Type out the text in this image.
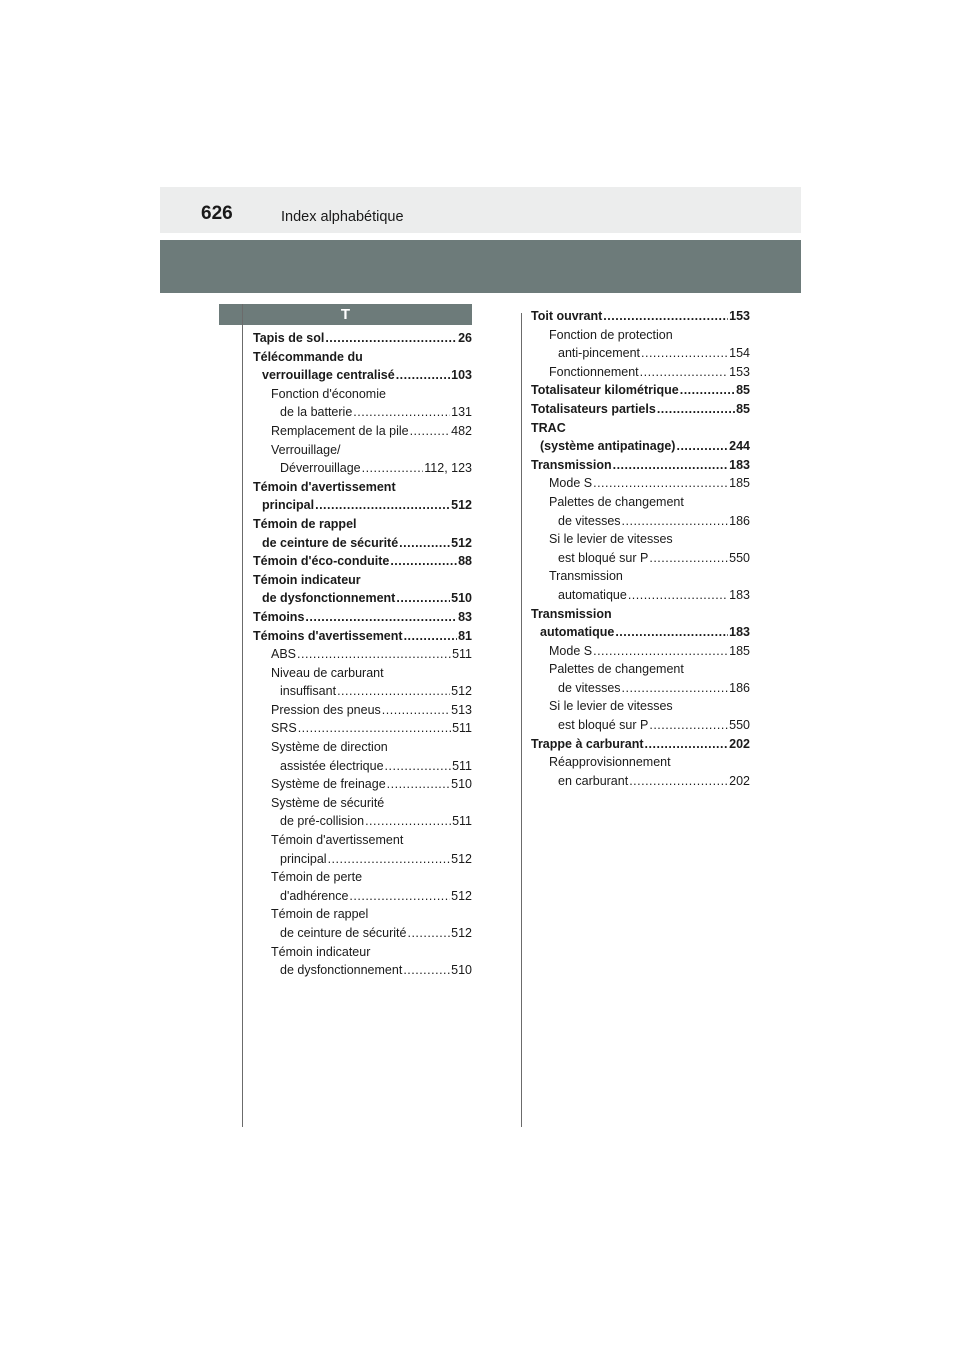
626	Index alphabétique
T
Tapis de sol .....	26
Télécommande du
verrouillage centralisé .....	103
Fonction d'économie
de la batterie .....	131
Remplacement de la pile .....	482
Verrouillage/
Déverrouillage .....	112, 123
Témoin d'avertissement
principal .....	512
Témoin de rappel
de ceinture de sécurité .....	512
Témoin d'éco-conduite .....	88
Témoin indicateur
de dysfonctionnement .....	510
Témoins .....	83
Témoins d'avertissement .....	81
ABS .....	511
Niveau de carburant
insuffisant .....	512
Pression des pneus .....	513
SRS .....	511
Système de direction
assistée électrique .....	511
Système de freinage .....	510
Système de sécurité
de pré-collision .....	511
Témoin d'avertissement
principal .....	512
Témoin de perte
d'adhérence .....	512
Témoin de rappel
de ceinture de sécurité .....	512
Témoin indicateur
de dysfonctionnement .....	510
Toit ouvrant .....	153
Fonction de protection
anti-pincement .....	154
Fonctionnement .....	153
Totalisateur kilométrique .....	85
Totalisateurs partiels .....	85
TRAC
(système antipatinage) .....	244
Transmission .....	183
Mode S .....	185
Palettes de changement
de vitesses .....	186
Si le levier de vitesses
est bloqué sur P .....	550
Transmission
automatique .....	183
Transmission
automatique .....	183
Mode S .....	185
Palettes de changement
de vitesses .....	186
Si le levier de vitesses
est bloqué sur P .....	550
Trappe à carburant .....	202
Réapprovisionnement
en carburant .....	202
